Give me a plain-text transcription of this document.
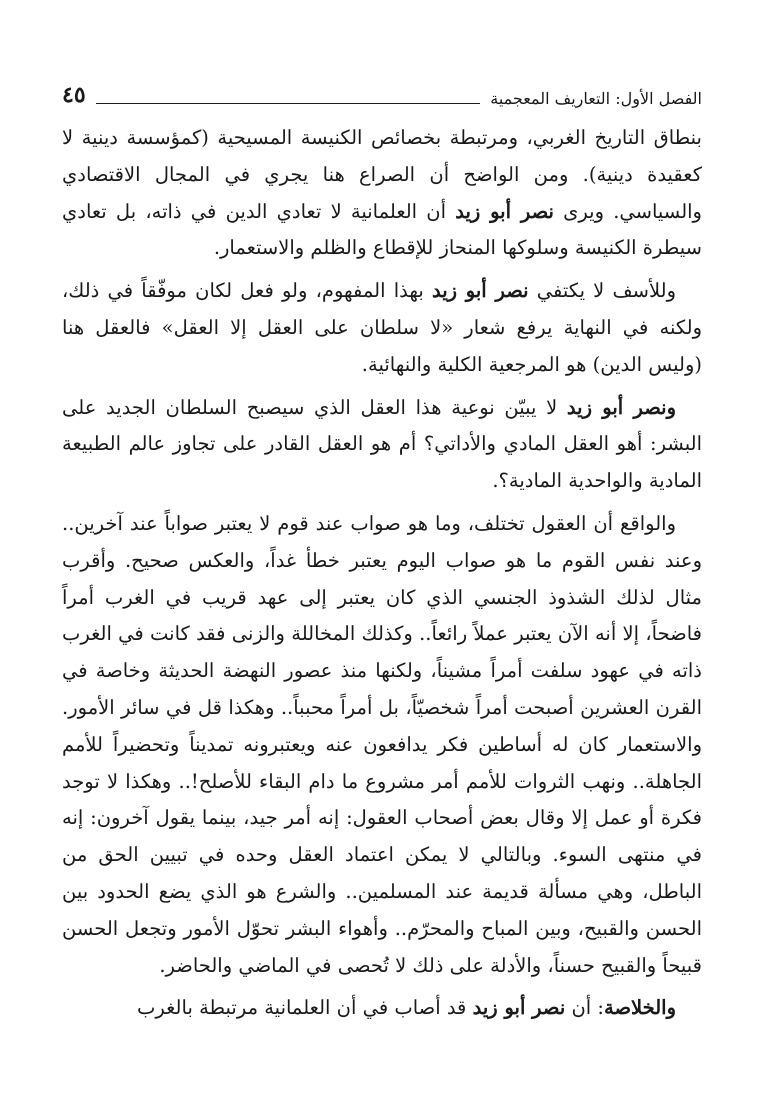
الفصل الأول: التعاريف المعجمية
٤٥

بنطاق التاريخ الغربي، ومرتبطة بخصائص الكنيسة المسيحية (كمؤسسة دينية لا كعقيدة دينية). ومن الواضح أن الصراع هنا يجري في المجال الاقتصادي والسياسي. ويرى نصر أبو زيد أن العلمانية لا تعادي الدين في ذاته، بل تعادي سيطرة الكنيسة وسلوكها المنحاز للإقطاع والظلم والاستعمار.

وللأسف لا يكتفي نصر أبو زيد بهذا المفهوم، ولو فعل لكان موفّقاً في ذلك، ولكنه في النهاية يرفع شعار «لا سلطان على العقل إلا العقل» فالعقل هنا (وليس الدين) هو المرجعية الكلية والنهائية.

ونصر أبو زيد لا يبيّن نوعية هذا العقل الذي سيصبح السلطان الجديد على البشر: أهو العقل المادي والأداتي؟ أم هو العقل القادر على تجاوز عالم الطبيعة المادية والواحدية المادية؟.

والواقع أن العقول تختلف، وما هو صواب عند قوم لا يعتبر صواباً عند آخرين.. وعند نفس القوم ما هو صواب اليوم يعتبر خطأ غداً، والعكس صحيح. وأقرب مثال لذلك الشذوذ الجنسي الذي كان يعتبر إلى عهد قريب في الغرب أمراً فاضحاً، إلا أنه الآن يعتبر عملاً رائعاً.. وكذلك المخاللة والزنى فقد كانت في الغرب ذاته في عهود سلفت أمراً مشيناً، ولكنها منذ عصور النهضة الحديثة وخاصة في القرن العشرين أصبحت أمراً شخصيّاً، بل أمراً محبباً.. وهكذا قل في سائر الأمور. والاستعمار كان له أساطين فكر يدافعون عنه ويعتبرونه تمديناً وتحضيراً للأمم الجاهلة.. ونهب الثروات للأمم أمر مشروع ما دام البقاء للأصلح!.. وهكذا لا توجد فكرة أو عمل إلا وقال بعض أصحاب العقول: إنه أمر جيد، بينما يقول آخرون: إنه في منتهى السوء. وبالتالي لا يمكن اعتماد العقل وحده في تبيين الحق من الباطل، وهي مسألة قديمة عند المسلمين.. والشرع هو الذي يضع الحدود بين الحسن والقبيح، وبين المباح والمحرّم.. وأهواء البشر تحوّل الأمور وتجعل الحسن قبيحاً والقبيح حسناً، والأدلة على ذلك لا تُحصى في الماضي والحاضر.

والخلاصة: أن نصر أبو زيد قد أصاب في أن العلمانية مرتبطة بالغرب
